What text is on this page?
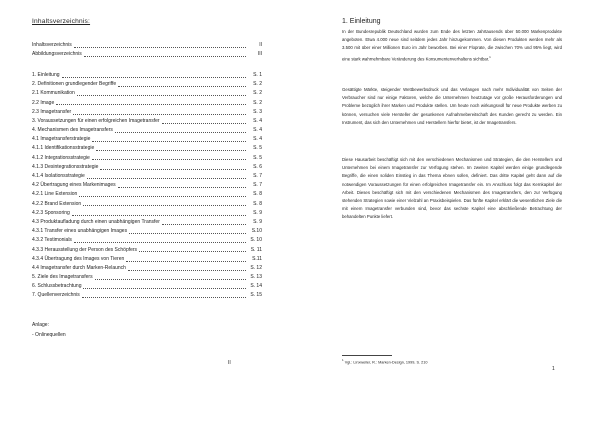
Inhaltsverzeichnis:
Inhaltsverzeichnis	II
Abbildungsverzeichnis	III
1. Einleitung	S. 1
2. Definitionen grundlegender Begriffe	S. 2
2.1 Kommunikation	S. 2
2.2 Image	S. 2
2.3 Imagetransfer	S. 3
3. Voraussetzungen für einen erfolgreichen Imagetransfer	S. 4
4. Mechanismen des Imagetransfers	S. 4
4.1 Imagetransferstrategie	S. 4
4.1.1 Identifikationsstrategie	S. 5
4.1.2 Integrationsstrategie	S. 5
4.1.3 Desintegrationsstrategie	S. 6
4.1.4 Isolationsstrategie	S. 7
4.2 Übertragung eines Markenimages	S. 7
4.2.1 Line Extension	S. 8
4.2.2 Brand Extension	S. 8
4.2.3 Sponsoring	S. 9
4.3 Produktaufladung durch einen unabhängigen Transfer	S. 9
4.3.1 Transfer eines unabhängigen Images	S.10
4.3.2 Testimonials	S. 10
4.3.3 Herausstellung der Person des Schöpfers	S. 11
4.3.4 Übertragung des Images von Tieren	S.11
4.4 Imagetransfer durch Marken-Relaunch	S. 12
5. Ziele des Imagetransfers	S. 13
6. Schlussbetrachtung	S. 14
7. Quellenverzeichnis	S. 15
Anlage:
- Onlinequellen
II
1. Einleitung
In der Bundesrepublik Deutschland wurden zum Ende des letzten Jahrtausends über 50.000 Markenprodukte angeboten. Etwa 4.000 neue sind seitdem jedes Jahr hinzugekommen. Von diesen Produkten werden mehr als 3.500 mit über einer Millionen Euro im Jahr beworben. Bei einer Floprate, die zwischen 70% und 95% liegt, wird eine stark wahrnehmbare Veränderung des Konsumentenverhaltens sichtbar.$^1$
Gesättigte Märkte, steigender Wettbewerbsdruck und das Verlangen nach mehr Individualität von Seiten der Verbraucher sind nur einige Faktoren, welche die Unternehmen heutzutage vor große Herausforderungen und Probleme bezüglich ihrer Marken und Produkte stellen. Um heute noch wirkungsvoll für neue Produkte werben zu können, versuchen viele Hersteller der gesunkenen Aufnahmebereitschaft des Kunden gerecht zu werden. Ein Instrument, das sich den Unternehmen und Herstellern hierfür bietet, ist der Imagetransfers.
Diese Hausarbeit beschäftigt sich mit den verschiedenen Mechanismen und Strategien, die den Herstellern und Unternehmen bei einem Imagetransfer zur Verfügung stehen. Im zweiten Kapitel werden einige grundlegende Begriffe, die einen soliden Einstieg in das Thema ebnen sollen, definiert. Das dritte Kapitel geht dann auf die notwendigen Voraussetzungen für einen erfolgreichen Imagetransfer ein. Im Anschluss folgt das Kernkapitel der Arbeit. Dieses beschäftigt sich mit den verschiedenen Mechanismen des Imagetransfers, den zur Verfügung stehenden Strategien sowie einer Vielzahl an Praxisbeispielen. Das fünfte Kapitel erklärt die wesentlichen Ziele die mit einem Imagetransfer verbunden sind, bevor das sechste Kapitel eine abschließende Betrachtung der behandelten Punkte liefert.
$^1$ Vgl.: Linxweiler, R.: Marken-Design, 1999, S. 210
1
